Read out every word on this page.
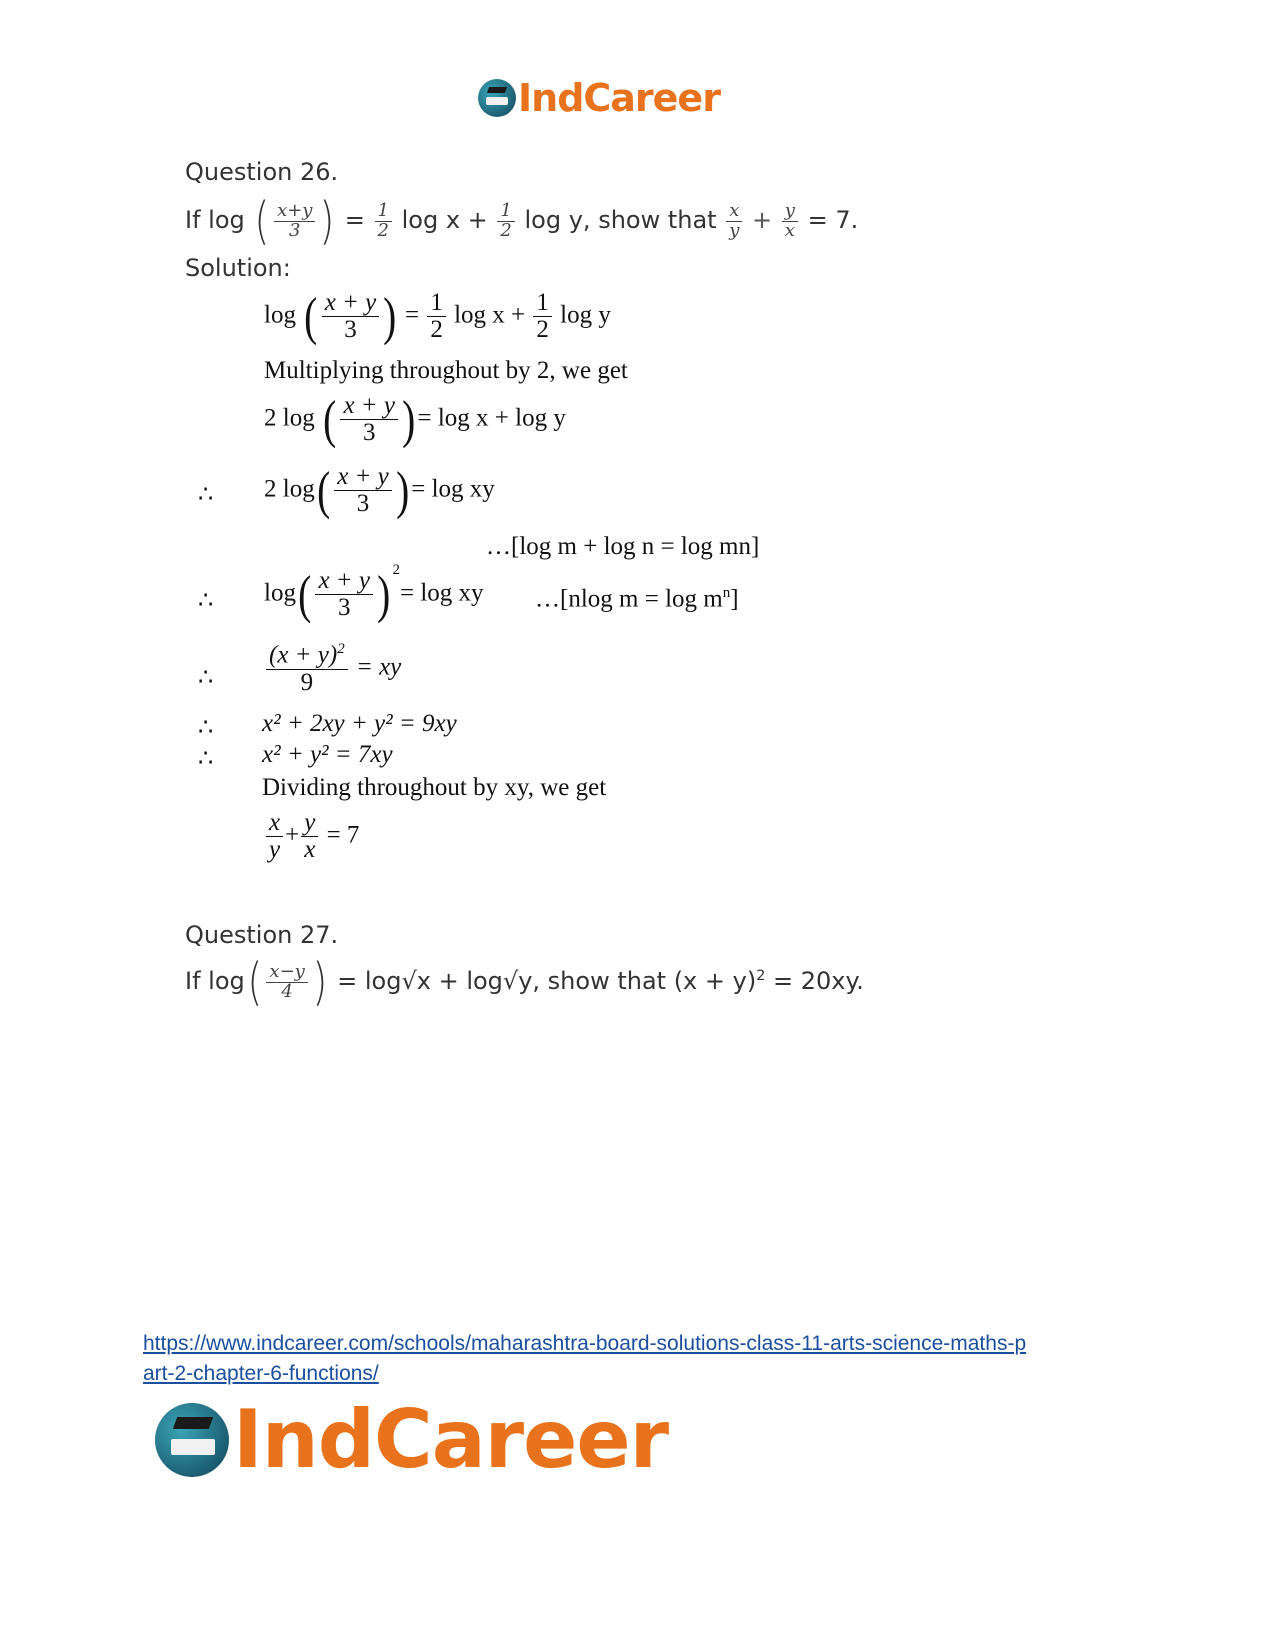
IndCareer
Question 26.
If log ( $\frac{x+y}{3}$ ) = $\frac{1}{2}$ $\log x + \frac{1}{2}$ log y, show that $\frac{x}{y} + \frac{y}{x} = 7$.
Solution:
log ( $\frac{x + y}{3}$ ) = $\frac{1}{2}$ $\log x + \frac{1}{2}$ log y
Multiplying throughout by 2, we get
2 log ( $\frac{x + y}{3}$ )= log x + log y
∴ 2 $\log( \frac{x + y}{3}$ )= log xy
…[log m + log n = log mn]
∴ $\log( \frac{x + y}{3}$ ) $^2$= log xy …[nlog $m = \log m^n$]
∴ $\frac{(x + y)^2}{9}$ = xy
∴ x² + 2xy + y² = 9xy
∴ x² + y² = 7xy
Dividing throughout by xy, we get
$\frac{x}{y} + \frac{y}{x} = 7$
Question 27.
If $\log( \frac{x-y}{4}$ ) = log√x + log√y, show that $(x + y)^2 = 20xy$.
https://www.indcareer.com/schools/maharashtra-board-solutions-class-11-arts-science-maths-p
art-2-chapter-6-functions/
IndCareer
